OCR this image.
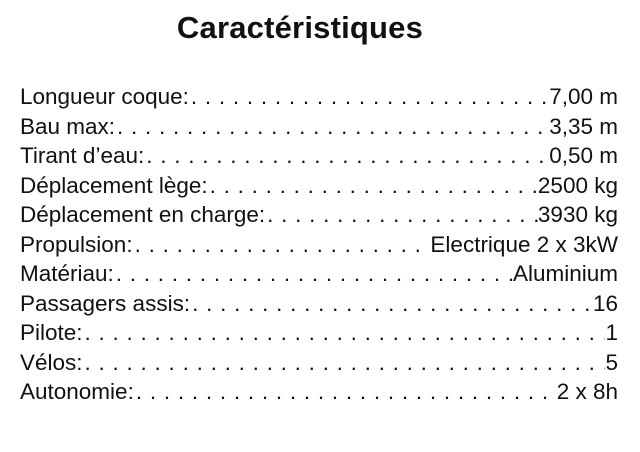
Caractéristiques
Longueur coque: . . .	7,00 m
Bau max: . . .	3,35 m
Tirant d’eau: . . .	0,50 m
Déplacement lège: . . .	2500 kg
Déplacement en charge: . . .	3930 kg
Propulsion: . . .	Electrique 2 x 3kW
Matériau: . . .	Aluminium
Passagers assis: . . .	16
Pilote: . . .	1
Vélos: . . .	5
Autonomie: . . .	2 x 8h
